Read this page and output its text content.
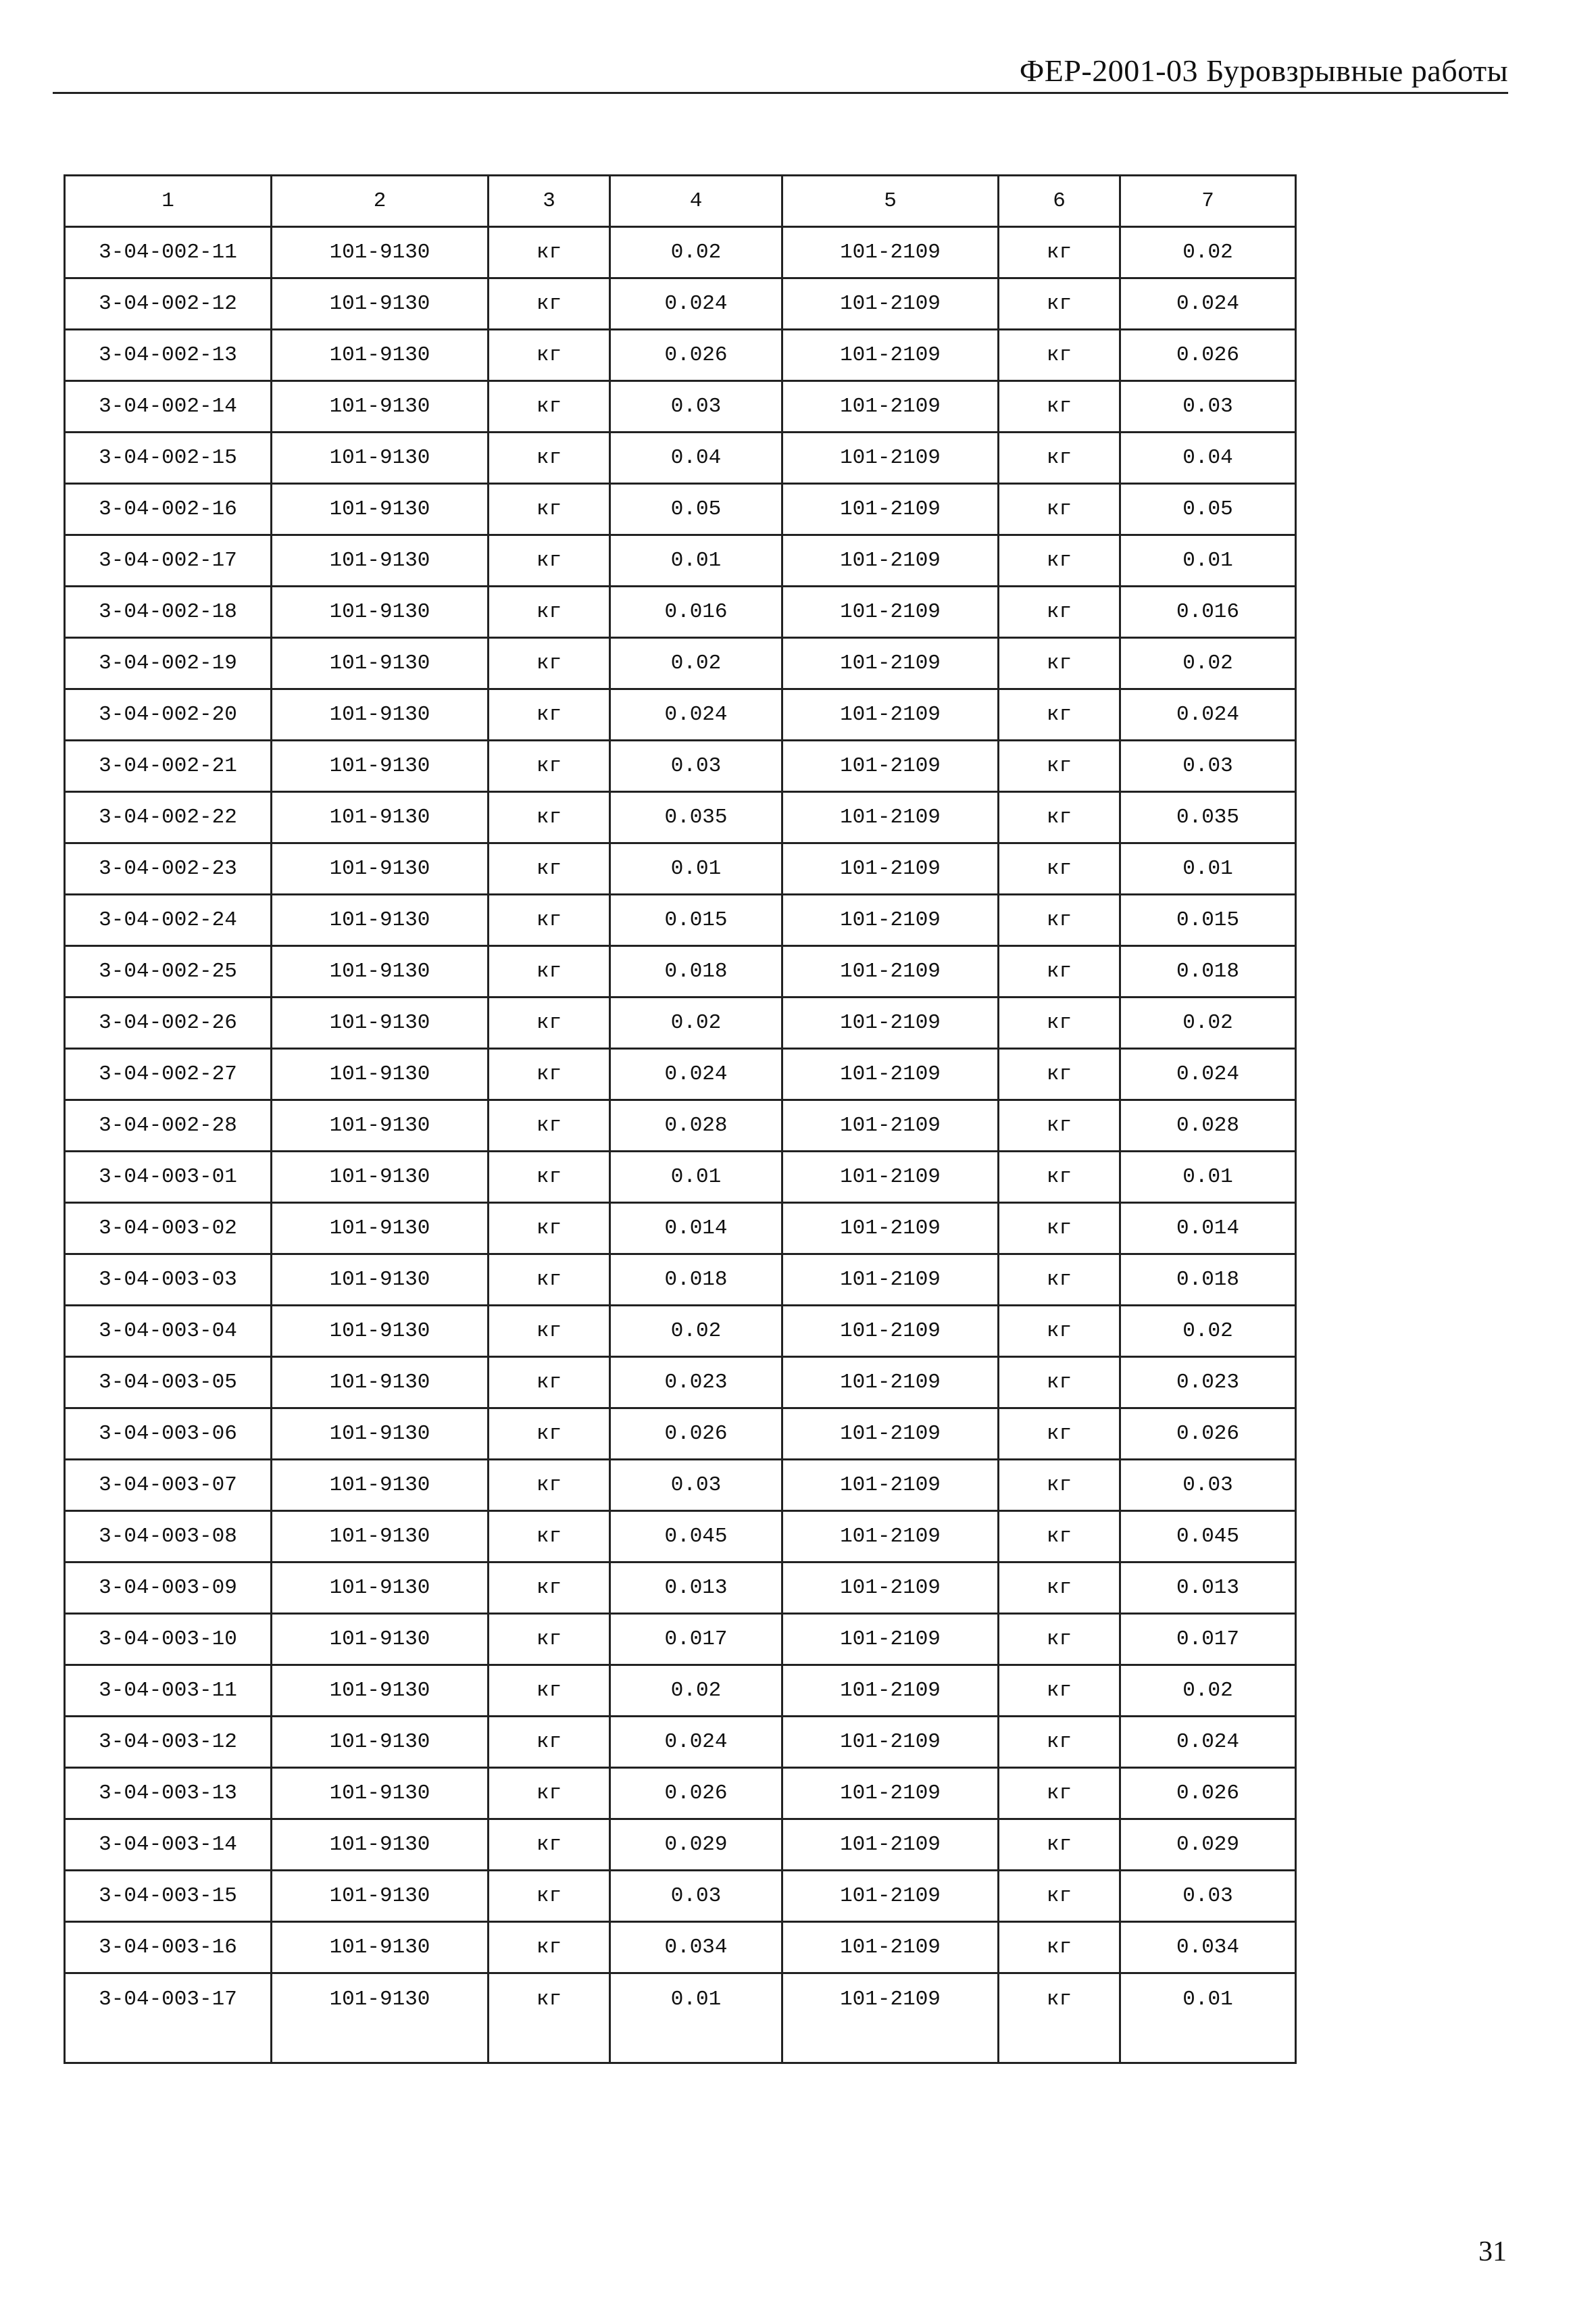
ФЕР-2001-03 Буровзрывные работы
1	2	3	4	5	6	7
3-04-002-11	101-9130	кг	0.02	101-2109	кг	0.02
3-04-002-12	101-9130	кг	0.024	101-2109	кг	0.024
3-04-002-13	101-9130	кг	0.026	101-2109	кг	0.026
3-04-002-14	101-9130	кг	0.03	101-2109	кг	0.03
3-04-002-15	101-9130	кг	0.04	101-2109	кг	0.04
3-04-002-16	101-9130	кг	0.05	101-2109	кг	0.05
3-04-002-17	101-9130	кг	0.01	101-2109	кг	0.01
3-04-002-18	101-9130	кг	0.016	101-2109	кг	0.016
3-04-002-19	101-9130	кг	0.02	101-2109	кг	0.02
3-04-002-20	101-9130	кг	0.024	101-2109	кг	0.024
3-04-002-21	101-9130	кг	0.03	101-2109	кг	0.03
3-04-002-22	101-9130	кг	0.035	101-2109	кг	0.035
3-04-002-23	101-9130	кг	0.01	101-2109	кг	0.01
3-04-002-24	101-9130	кг	0.015	101-2109	кг	0.015
3-04-002-25	101-9130	кг	0.018	101-2109	кг	0.018
3-04-002-26	101-9130	кг	0.02	101-2109	кг	0.02
3-04-002-27	101-9130	кг	0.024	101-2109	кг	0.024
3-04-002-28	101-9130	кг	0.028	101-2109	кг	0.028
3-04-003-01	101-9130	кг	0.01	101-2109	кг	0.01
3-04-003-02	101-9130	кг	0.014	101-2109	кг	0.014
3-04-003-03	101-9130	кг	0.018	101-2109	кг	0.018
3-04-003-04	101-9130	кг	0.02	101-2109	кг	0.02
3-04-003-05	101-9130	кг	0.023	101-2109	кг	0.023
3-04-003-06	101-9130	кг	0.026	101-2109	кг	0.026
3-04-003-07	101-9130	кг	0.03	101-2109	кг	0.03
3-04-003-08	101-9130	кг	0.045	101-2109	кг	0.045
3-04-003-09	101-9130	кг	0.013	101-2109	кг	0.013
3-04-003-10	101-9130	кг	0.017	101-2109	кг	0.017
3-04-003-11	101-9130	кг	0.02	101-2109	кг	0.02
3-04-003-12	101-9130	кг	0.024	101-2109	кг	0.024
3-04-003-13	101-9130	кг	0.026	101-2109	кг	0.026
3-04-003-14	101-9130	кг	0.029	101-2109	кг	0.029
3-04-003-15	101-9130	кг	0.03	101-2109	кг	0.03
3-04-003-16	101-9130	кг	0.034	101-2109	кг	0.034
3-04-003-17	101-9130	кг	0.01	101-2109	кг	0.01
31
